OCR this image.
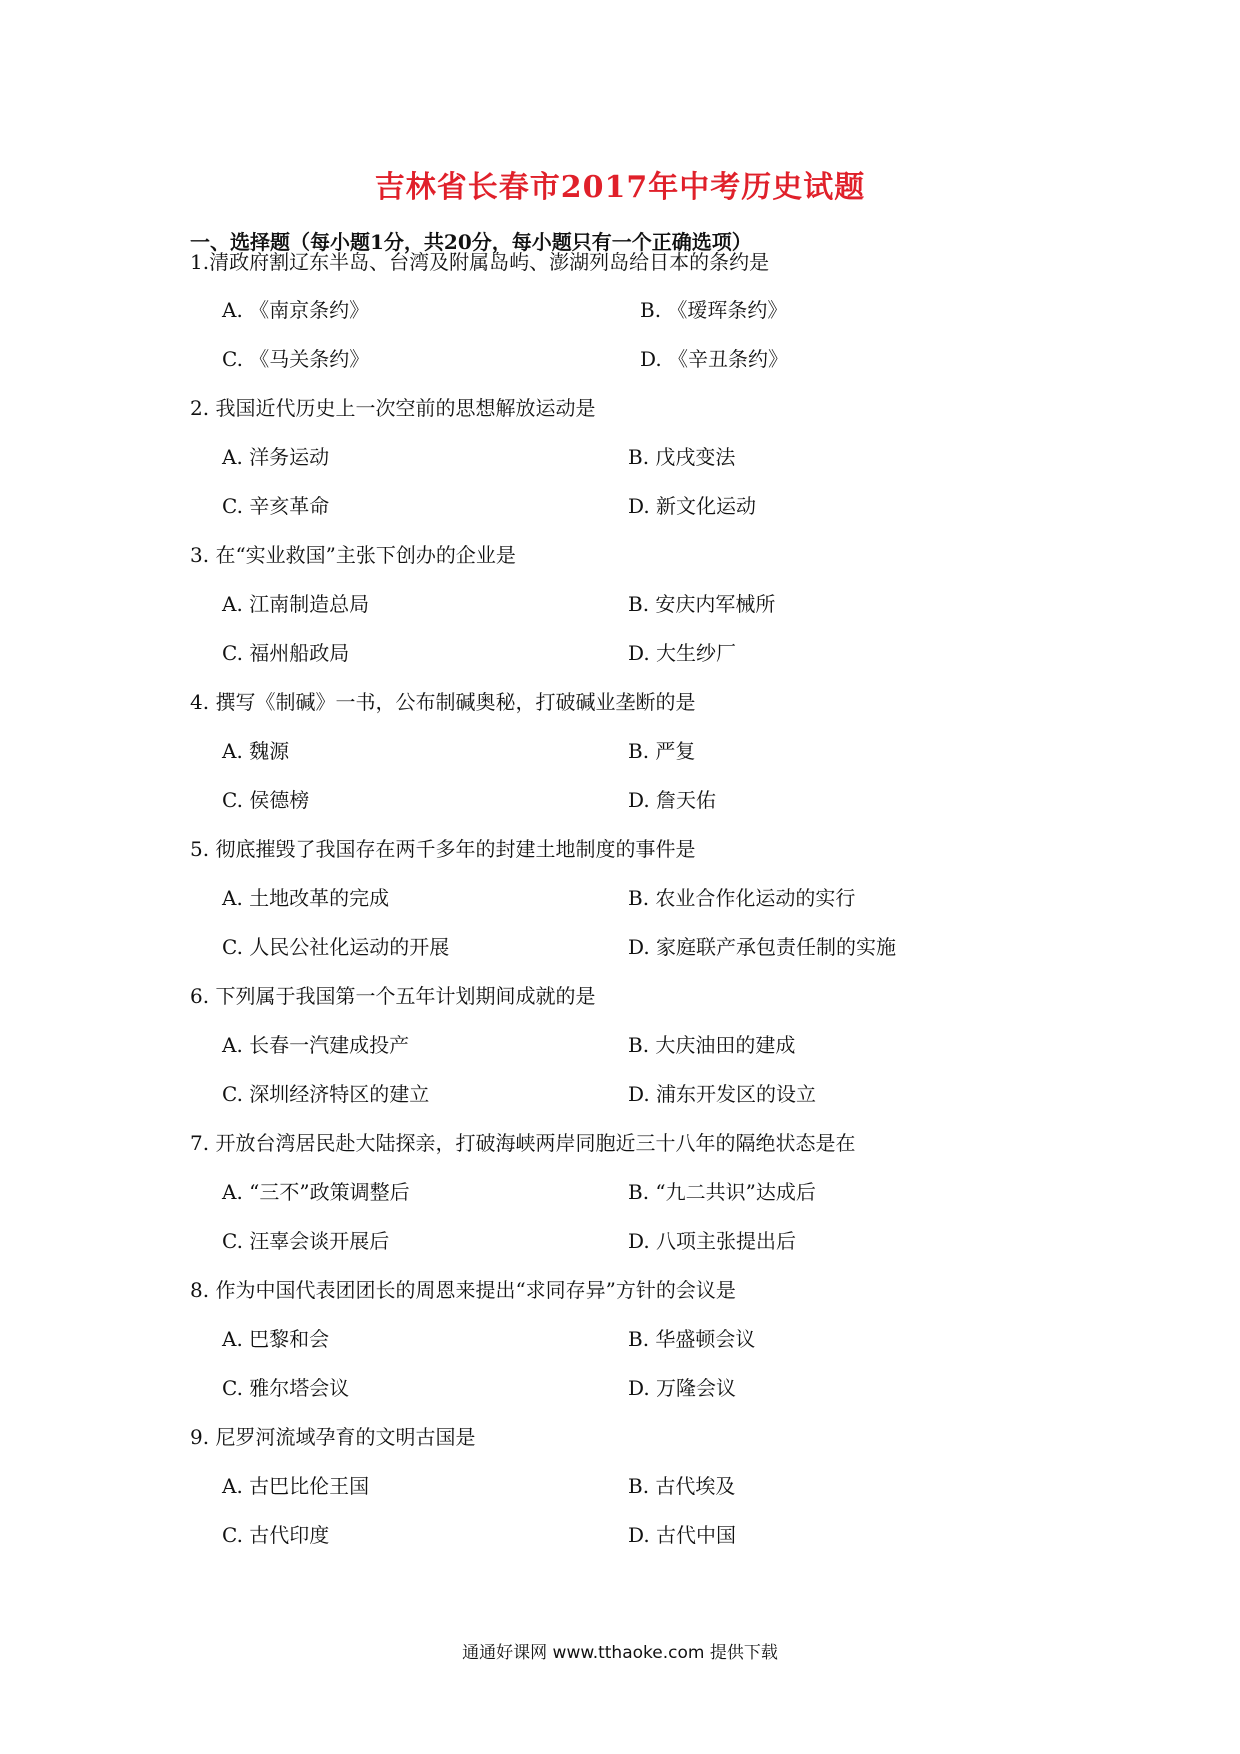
吉林省长春市2017年中考历史试题
一、选择题（每小题1分，共20分，每小题只有一个正确选项）
1.清政府割辽东半岛、台湾及附属岛屿、澎湖列岛给日本的条约是
A. 《南京条约》	B. 《瑷珲条约》
C. 《马关条约》	D. 《辛丑条约》
2. 我国近代历史上一次空前的思想解放运动是
A. 洋务运动	B. 戊戌变法
C. 辛亥革命	D. 新文化运动
3. 在“实业救国”主张下创办的企业是
A. 江南制造总局	B. 安庆内军械所
C. 福州船政局	D. 大生纱厂
4. 撰写《制碱》一书，公布制碱奥秘，打破碱业垄断的是
A. 魏源	B. 严复
C. 侯德榜	D. 詹天佑
5. 彻底摧毁了我国存在两千多年的封建土地制度的事件是
A. 土地改革的完成	B. 农业合作化运动的实行
C. 人民公社化运动的开展	D. 家庭联产承包责任制的实施
6. 下列属于我国第一个五年计划期间成就的是
A. 长春一汽建成投产	B. 大庆油田的建成
C. 深圳经济特区的建立	D. 浦东开发区的设立
7. 开放台湾居民赴大陆探亲，打破海峡两岸同胞近三十八年的隔绝状态是在
A. “三不”政策调整后	B. “九二共识”达成后
C. 汪辜会谈开展后	D. 八项主张提出后
8. 作为中国代表团团长的周恩来提出“求同存异”方针的会议是
A. 巴黎和会	B. 华盛顿会议
C. 雅尔塔会议	D. 万隆会议
9. 尼罗河流域孕育的文明古国是
A. 古巴比伦王国	B. 古代埃及
C. 古代印度	D. 古代中国
通通好课网 www.tthaoke.com 提供下载
